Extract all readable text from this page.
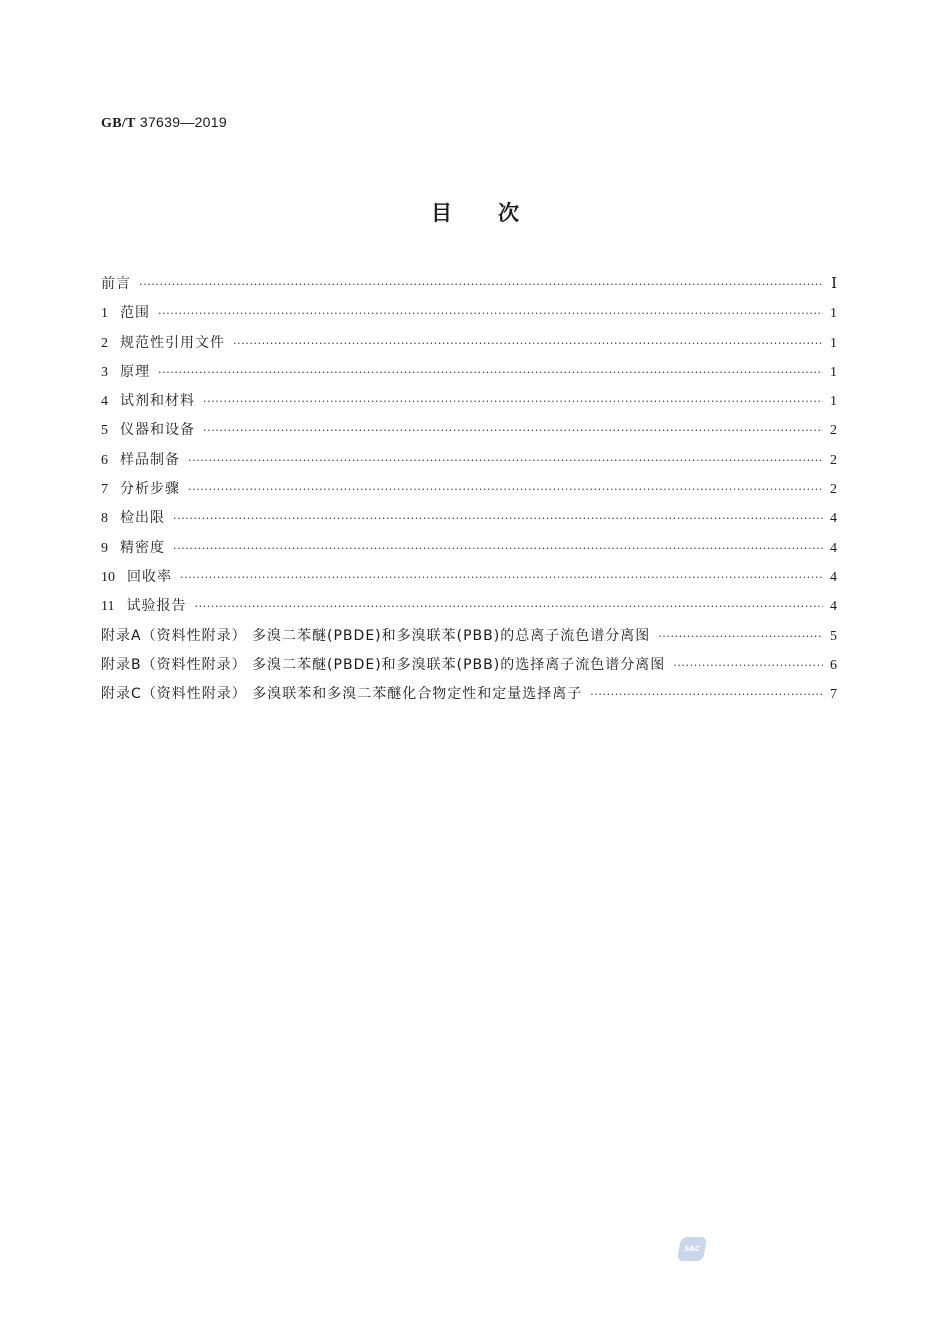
GB/T 37639—2019
目次
前言 ·····	Ⅰ
1 范围 ·····	1
2 规范性引用文件 ·····	1
3 原理 ·····	1
4 试剂和材料 ·····	1
5 仪器和设备 ·····	2
6 样品制备 ·····	2
7 分析步骤 ·····	2
8 检出限 ·····	4
9 精密度 ·····	4
10 回收率 ·····	4
11 试验报告 ·····	4
附录A（资料性附录） 多溴二苯醚(PBDE)和多溴联苯(PBB)的总离子流色谱分离图 ·····	5
附录B（资料性附录） 多溴二苯醚(PBDE)和多溴联苯(PBB)的选择离子流色谱分离图 ·····	6
附录C（资料性附录） 多溴联苯和多溴二苯醚化合物定性和定量选择离子 ·····	7
SAC
